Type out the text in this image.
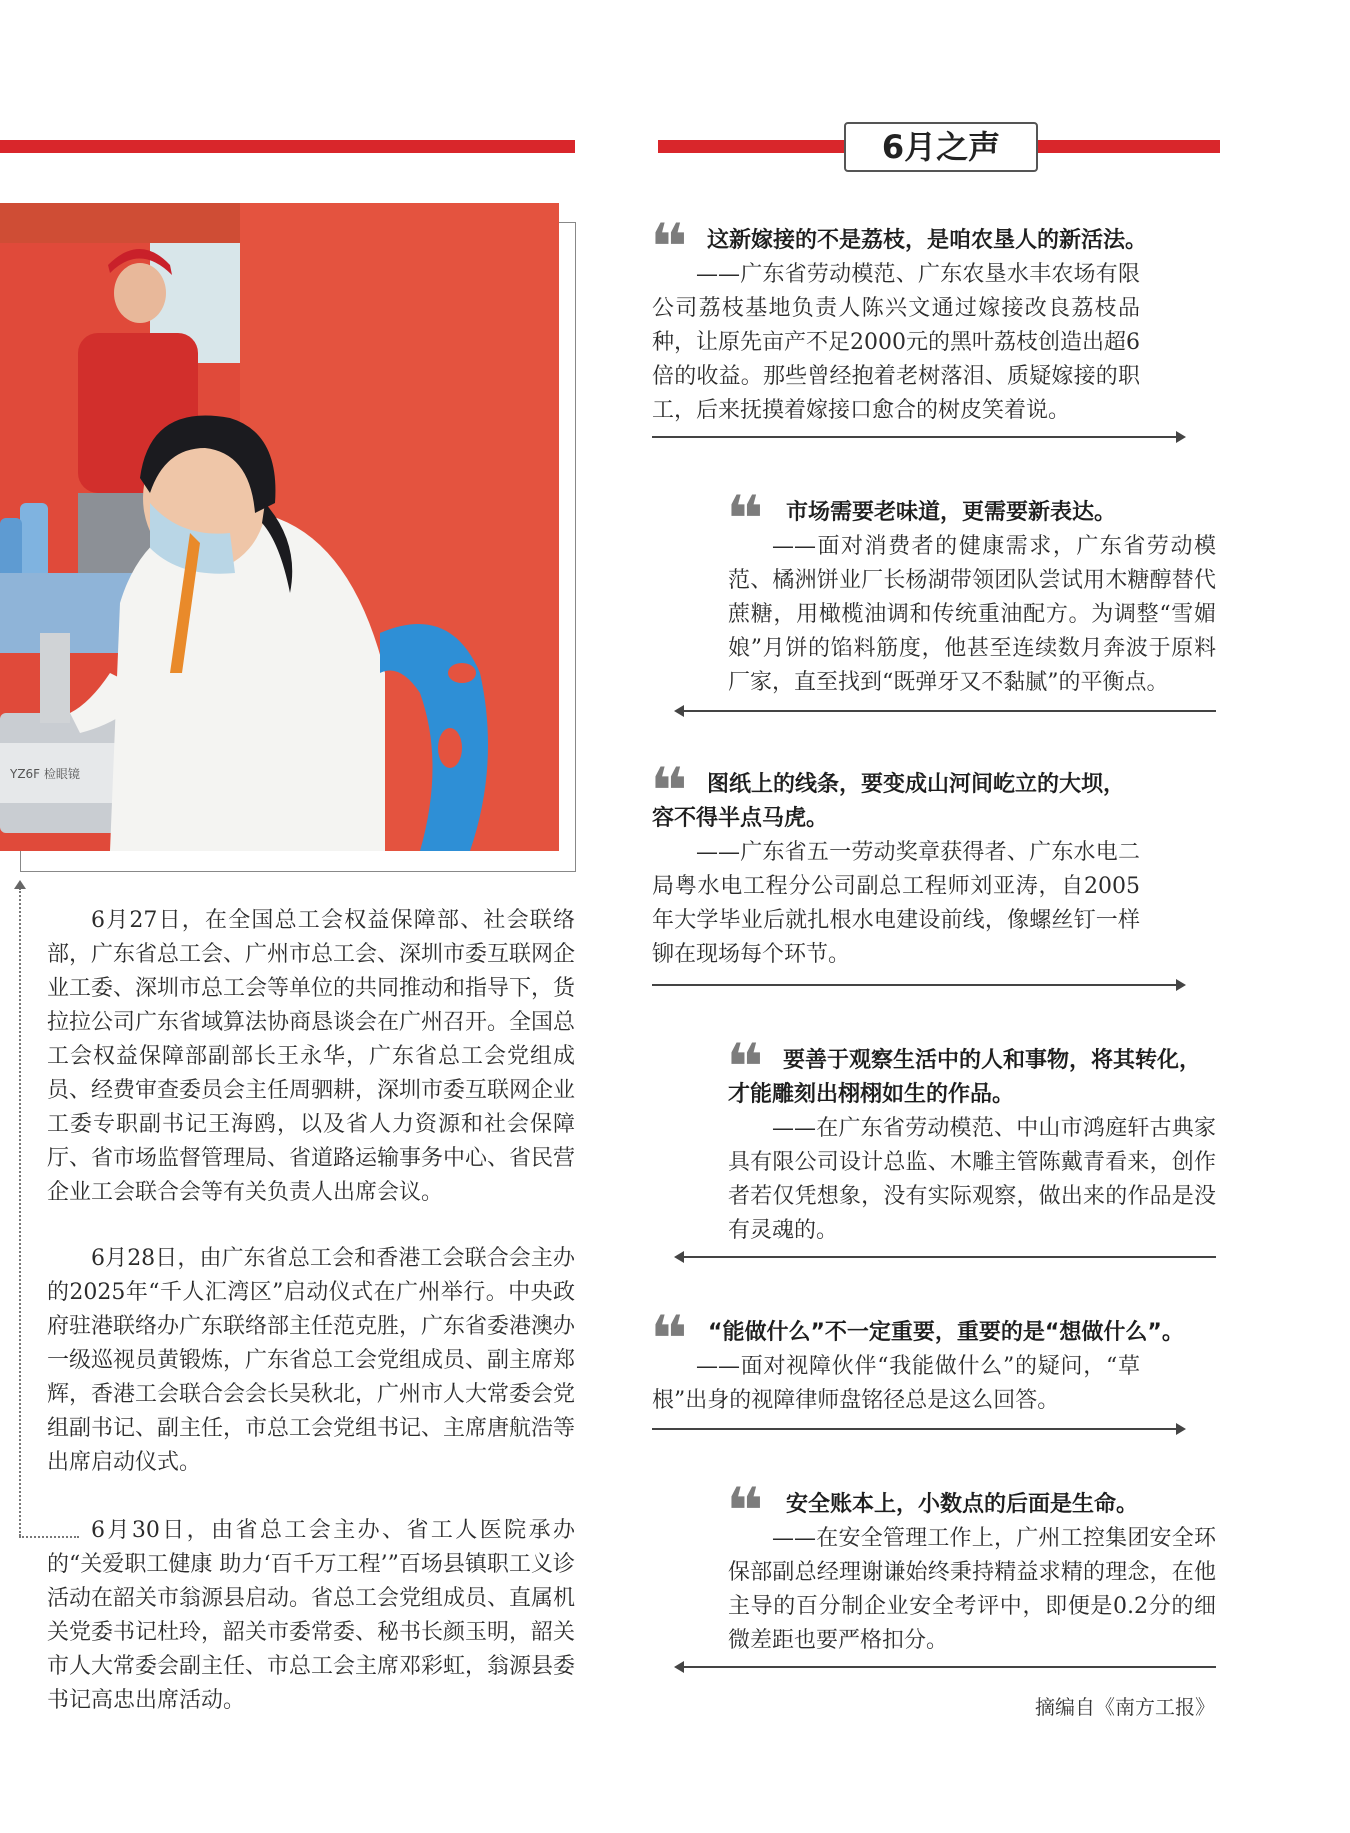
6月之声
YZ6F 检眼镜

6月27日，在全国总工会权益保障部、社会联络部，广东省总工会、广州市总工会、深圳市委互联网企业工委、深圳市总工会等单位的共同推动和指导下，货拉拉公司广东省域算法协商恳谈会在广州召开。全国总工会权益保障部副部长王永华，广东省总工会党组成员、经费审查委员会主任周驷耕，深圳市委互联网企业工委专职副书记王海鸥，以及省人力资源和社会保障厅、省市场监督管理局、省道路运输事务中心、省民营企业工会联合会等有关负责人出席会议。

6月28日，由广东省总工会和香港工会联合会主办的2025年“千人汇湾区”启动仪式在广州举行。中央政府驻港联络办广东联络部主任范克胜，广东省委港澳办一级巡视员黄锻炼，广东省总工会党组成员、副主席郑辉，香港工会联合会会长吴秋北，广州市人大常委会党组副书记、副主任，市总工会党组书记、主席唐航浩等出席启动仪式。

6月30日，由省总工会主办、省工人医院承办的“关爱职工健康 助力‘百千万工程’”百场县镇职工义诊活动在韶关市翁源县启动。省总工会党组成员、直属机关党委书记杜玲，韶关市委常委、秘书长颜玉明，韶关市人大常委会副主任、市总工会主席邓彩虹，翁源县委书记高忠出席活动。

❝ 这新嫁接的不是荔枝，是咱农垦人的新活法。

——广东省劳动模范、广东农垦水丰农场有限公司荔枝基地负责人陈兴文通过嫁接改良荔枝品种，让原先亩产不足2000元的黑叶荔枝创造出超6倍的收益。那些曾经抱着老树落泪、质疑嫁接的职工，后来抚摸着嫁接口愈合的树皮笑着说。

❝ 市场需要老味道，更需要新表达。

——面对消费者的健康需求，广东省劳动模范、橘洲饼业厂长杨湖带领团队尝试用木糖醇替代蔗糖，用橄榄油调和传统重油配方。为调整“雪媚娘”月饼的馅料筋度，他甚至连续数月奔波于原料厂家，直至找到“既弹牙又不黏腻”的平衡点。

❝ 图纸上的线条，要变成山河间屹立的大坝，容不得半点马虎。

——广东省五一劳动奖章获得者、广东水电二局粤水电工程分公司副总工程师刘亚涛，自2005年大学毕业后就扎根水电建设前线，像螺丝钉一样铆在现场每个环节。

❝ 要善于观察生活中的人和事物，将其转化，才能雕刻出栩栩如生的作品。

——在广东省劳动模范、中山市鸿庭轩古典家具有限公司设计总监、木雕主管陈戴青看来，创作者若仅凭想象，没有实际观察，做出来的作品是没有灵魂的。

❝ “能做什么”不一定重要，重要的是“想做什么”。

——面对视障伙伴“我能做什么”的疑问，“草根”出身的视障律师盘铭径总是这么回答。

❝ 安全账本上，小数点的后面是生命。

——在安全管理工作上，广州工控集团安全环保部副总经理谢谦始终秉持精益求精的理念，在他主导的百分制企业安全考评中，即便是0.2分的细微差距也要严格扣分。

摘编自《南方工报》
